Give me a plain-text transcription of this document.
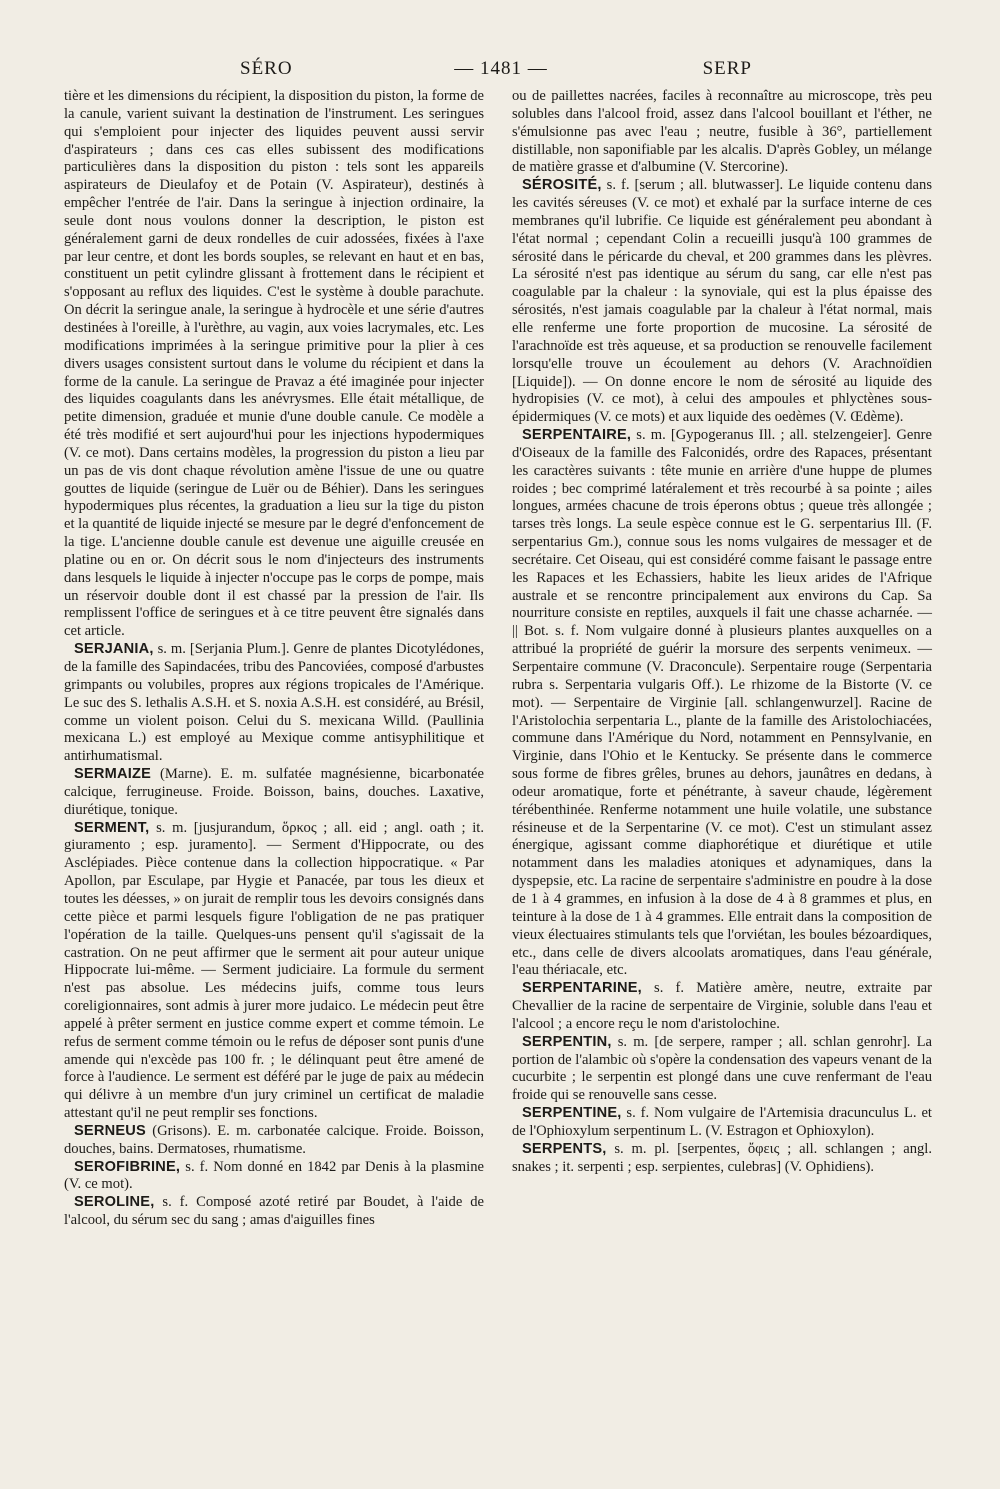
SÉRO	— 1481 —	SERP

tière et les dimensions du récipient, la disposition du piston, la forme de la canule, varient suivant la destination de l'instrument. Les seringues qui s'emploient pour injecter des liquides peuvent aussi servir d'aspirateurs ; dans ces cas elles subissent des modifications particulières dans la disposition du piston : tels sont les appareils aspirateurs de Dieulafoy et de Potain (V. Aspirateur), destinés à empêcher l'entrée de l'air. Dans la seringue à injection ordinaire, la seule dont nous voulons donner la description, le piston est généralement garni de deux rondelles de cuir adossées, fixées à l'axe par leur centre, et dont les bords souples, se relevant en haut et en bas, constituent un petit cylindre glissant à frottement dans le récipient et s'opposant au reflux des liquides. C'est le système à double parachute. On décrit la seringue anale, la seringue à hydrocèle et une série d'autres destinées à l'oreille, à l'urèthre, au vagin, aux voies lacrymales, etc. Les modifications imprimées à la seringue primitive pour la plier à ces divers usages consistent surtout dans le volume du récipient et dans la forme de la canule. La seringue de Pravaz a été imaginée pour injecter des liquides coagulants dans les anévrysmes. Elle était métallique, de petite dimension, graduée et munie d'une double canule. Ce modèle a été très modifié et sert aujourd'hui pour les injections hypodermiques (V. ce mot). Dans certains modèles, la progression du piston a lieu par un pas de vis dont chaque révolution amène l'issue de une ou quatre gouttes de liquide (seringue de Luër ou de Béhier). Dans les seringues hypodermiques plus récentes, la graduation a lieu sur la tige du piston et la quantité de liquide injecté se mesure par le degré d'enfoncement de la tige. L'ancienne double canule est devenue une aiguille creusée en platine ou en or. On décrit sous le nom d'injecteurs des instruments dans lesquels le liquide à injecter n'occupe pas le corps de pompe, mais un réservoir double dont il est chassé par la pression de l'air. Ils remplissent l'office de seringues et à ce titre peuvent être signalés dans cet article.

SERJANIA, s. m. [Serjania Plum.]. Genre de plantes Dicotylédones, de la famille des Sapindacées, tribu des Pancoviées, composé d'arbustes grimpants ou volubiles, propres aux régions tropicales de l'Amérique. Le suc des S. lethalis A.S.H. et S. noxia A.S.H. est considéré, au Brésil, comme un violent poison. Celui du S. mexicana Willd. (Paullinia mexicana L.) est employé au Mexique comme antisyphilitique et antirhumatismal.

SERMAIZE (Marne). E. m. sulfatée magnésienne, bicarbonatée calcique, ferrugineuse. Froide. Boisson, bains, douches. Laxative, diurétique, tonique.

SERMENT, s. m. [jusjurandum, ὅρκος ; all. eid ; angl. oath ; it. giuramento ; esp. juramento]. — Serment d'Hippocrate, ou des Asclépiades. Pièce contenue dans la collection hippocratique. « Par Apollon, par Esculape, par Hygie et Panacée, par tous les dieux et toutes les déesses, » on jurait de remplir tous les devoirs consignés dans cette pièce et parmi lesquels figure l'obligation de ne pas pratiquer l'opération de la taille. Quelques-uns pensent qu'il s'agissait de la castration. On ne peut affirmer que le serment ait pour auteur unique Hippocrate lui-même. — Serment judiciaire. La formule du serment n'est pas absolue. Les médecins juifs, comme tous leurs coreligionnaires, sont admis à jurer more judaico. Le médecin peut être appelé à prêter serment en justice comme expert et comme témoin. Le refus de serment comme témoin ou le refus de déposer sont punis d'une amende qui n'excède pas 100 fr. ; le délinquant peut être amené de force à l'audience. Le serment est déféré par le juge de paix au médecin qui délivre à un membre d'un jury criminel un certificat de maladie attestant qu'il ne peut remplir ses fonctions.

SERNEUS (Grisons). E. m. carbonatée calcique. Froide. Boisson, douches, bains. Dermatoses, rhumatisme.

SEROFIBRINE, s. f. Nom donné en 1842 par Denis à la plasmine (V. ce mot).

SEROLINE, s. f. Composé azoté retiré par Boudet, à l'aide de l'alcool, du sérum sec du sang ; amas d'aiguilles fines

ou de paillettes nacrées, faciles à reconnaître au microscope, très peu solubles dans l'alcool froid, assez dans l'alcool bouillant et l'éther, ne s'émulsionne pas avec l'eau ; neutre, fusible à 36°, partiellement distillable, non saponifiable par les alcalis. D'après Gobley, un mélange de matière grasse et d'albumine (V. Stercorine).

SÉROSITÉ, s. f. [serum ; all. blutwasser]. Le liquide contenu dans les cavités séreuses (V. ce mot) et exhalé par la surface interne de ces membranes qu'il lubrifie. Ce liquide est généralement peu abondant à l'état normal ; cependant Colin a recueilli jusqu'à 100 grammes de sérosité dans le péricarde du cheval, et 200 grammes dans les plèvres. La sérosité n'est pas identique au sérum du sang, car elle n'est pas coagulable par la chaleur : la synoviale, qui est la plus épaisse des sérosités, n'est jamais coagulable par la chaleur à l'état normal, mais elle renferme une forte proportion de mucosine. La sérosité de l'arachnoïde est très aqueuse, et sa production se renouvelle facilement lorsqu'elle trouve un écoulement au dehors (V. Arachnoïdien [Liquide]). — On donne encore le nom de sérosité au liquide des hydropisies (V. ce mot), à celui des ampoules et phlyctènes sous-épidermiques (V. ce mots) et aux liquide des oedèmes (V. Œdème).

SERPENTAIRE, s. m. [Gypogeranus Ill. ; all. stelzengeier]. Genre d'Oiseaux de la famille des Falconidés, ordre des Rapaces, présentant les caractères suivants : tête munie en arrière d'une huppe de plumes roides ; bec comprimé latéralement et très recourbé à sa pointe ; ailes longues, armées chacune de trois éperons obtus ; queue très allongée ; tarses très longs. La seule espèce connue est le G. serpentarius Ill. (F. serpentarius Gm.), connue sous les noms vulgaires de messager et de secrétaire. Cet Oiseau, qui est considéré comme faisant le passage entre les Rapaces et les Echassiers, habite les lieux arides de l'Afrique australe et se rencontre principalement aux environs du Cap. Sa nourriture consiste en reptiles, auxquels il fait une chasse acharnée. — || Bot. s. f. Nom vulgaire donné à plusieurs plantes auxquelles on a attribué la propriété de guérir la morsure des serpents venimeux. — Serpentaire commune (V. Draconcule). Serpentaire rouge (Serpentaria rubra s. Serpentaria vulgaris Off.). Le rhizome de la Bistorte (V. ce mot). — Serpentaire de Virginie [all. schlangenwurzel]. Racine de l'Aristolochia serpentaria L., plante de la famille des Aristolochiacées, commune dans l'Amérique du Nord, notamment en Pennsylvanie, en Virginie, dans l'Ohio et le Kentucky. Se présente dans le commerce sous forme de fibres grêles, brunes au dehors, jaunâtres en dedans, à odeur aromatique, forte et pénétrante, à saveur chaude, légèrement térébenthinée. Renferme notamment une huile volatile, une substance résineuse et de la Serpentarine (V. ce mot). C'est un stimulant assez énergique, agissant comme diaphorétique et diurétique et utile notamment dans les maladies atoniques et adynamiques, dans la dyspepsie, etc. La racine de serpentaire s'administre en poudre à la dose de 1 à 4 grammes, en infusion à la dose de 4 à 8 grammes et plus, en teinture à la dose de 1 à 4 grammes. Elle entrait dans la composition de vieux électuaires stimulants tels que l'orviétan, les boules bézoardiques, etc., dans celle de divers alcoolats aromatiques, dans l'eau générale, l'eau thériacale, etc.

SERPENTARINE, s. f. Matière amère, neutre, extraite par Chevallier de la racine de serpentaire de Virginie, soluble dans l'eau et l'alcool ; a encore reçu le nom d'aristolochine.

SERPENTIN, s. m. [de serpere, ramper ; all. schlan genrohr]. La portion de l'alambic où s'opère la condensation des vapeurs venant de la cucurbite ; le serpentin est plongé dans une cuve renfermant de l'eau froide qui se renouvelle sans cesse.

SERPENTINE, s. f. Nom vulgaire de l'Artemisia dracunculus L. et de l'Ophioxylum serpentinum L. (V. Estragon et Ophioxylon).

SERPENTS, s. m. pl. [serpentes, ὄφεις ; all. schlangen ; angl. snakes ; it. serpenti ; esp. serpientes, culebras] (V. Ophidiens).
